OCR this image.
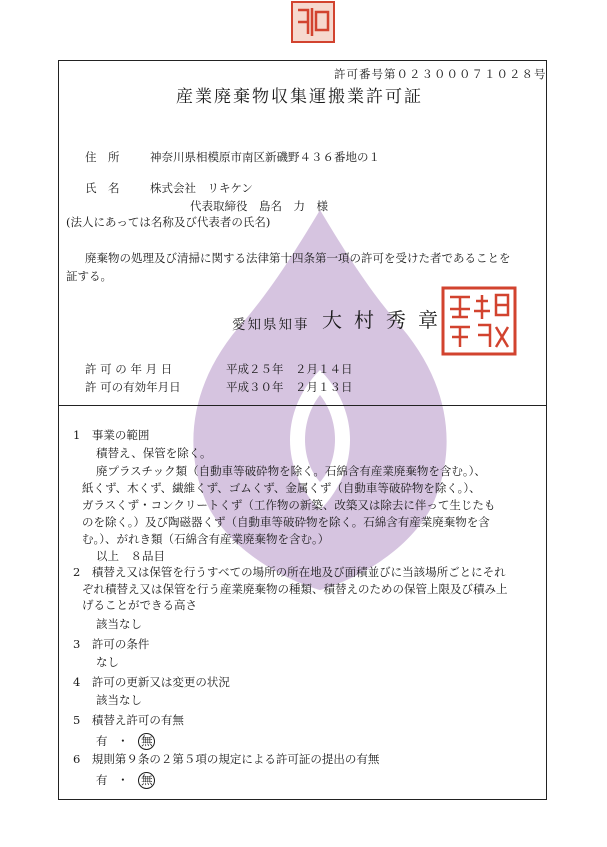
許可番号第０２３０００７１０２８号
産業廃棄物収集運搬業許可証
住　所	神奈川県相模原市南区新磯野４３６番地の１
氏　名	株式会社　リキケン
代表取締役　島名　力　様
(法人にあっては名称及び代表者の氏名)
廃棄物の処理及び清掃に関する法律第十四条第一項の許可を受けた者であることを
証する。
愛知県知事 大村秀章
許 可 の 年 月 日	平成２５年　２月１４日
許 可の有効年月日	平成３０年　２月１３日
1　事業の範囲
積替え、保管を除く。
廃プラスチック類（自動車等破砕物を除く。石綿含有産業廃棄物を含む。）、
紙くず、木くず、繊維くず、ゴムくず、金属くず（自動車等破砕物を除く。）、
ガラスくず・コンクリートくず（工作物の新築、改築又は除去に伴って生じたも
のを除く。）及び陶磁器くず（自動車等破砕物を除く。石綿含有産業廃棄物を含
む。）、がれき類（石綿含有産業廃棄物を含む。）
以上　８品目
2　積替え又は保管を行うすべての場所の所在地及び面積並びに当該場所ごとにそれ
ぞれ積替え又は保管を行う産業廃棄物の種類、積替えのための保管上限及び積み上
げることができる高さ
該当なし
3　許可の条件
なし
4　許可の更新又は変更の状況
該当なし
5　積替え許可の有無
有 ・ 無
6　規則第９条の２第５項の規定による許可証の提出の有無
有 ・ 無
